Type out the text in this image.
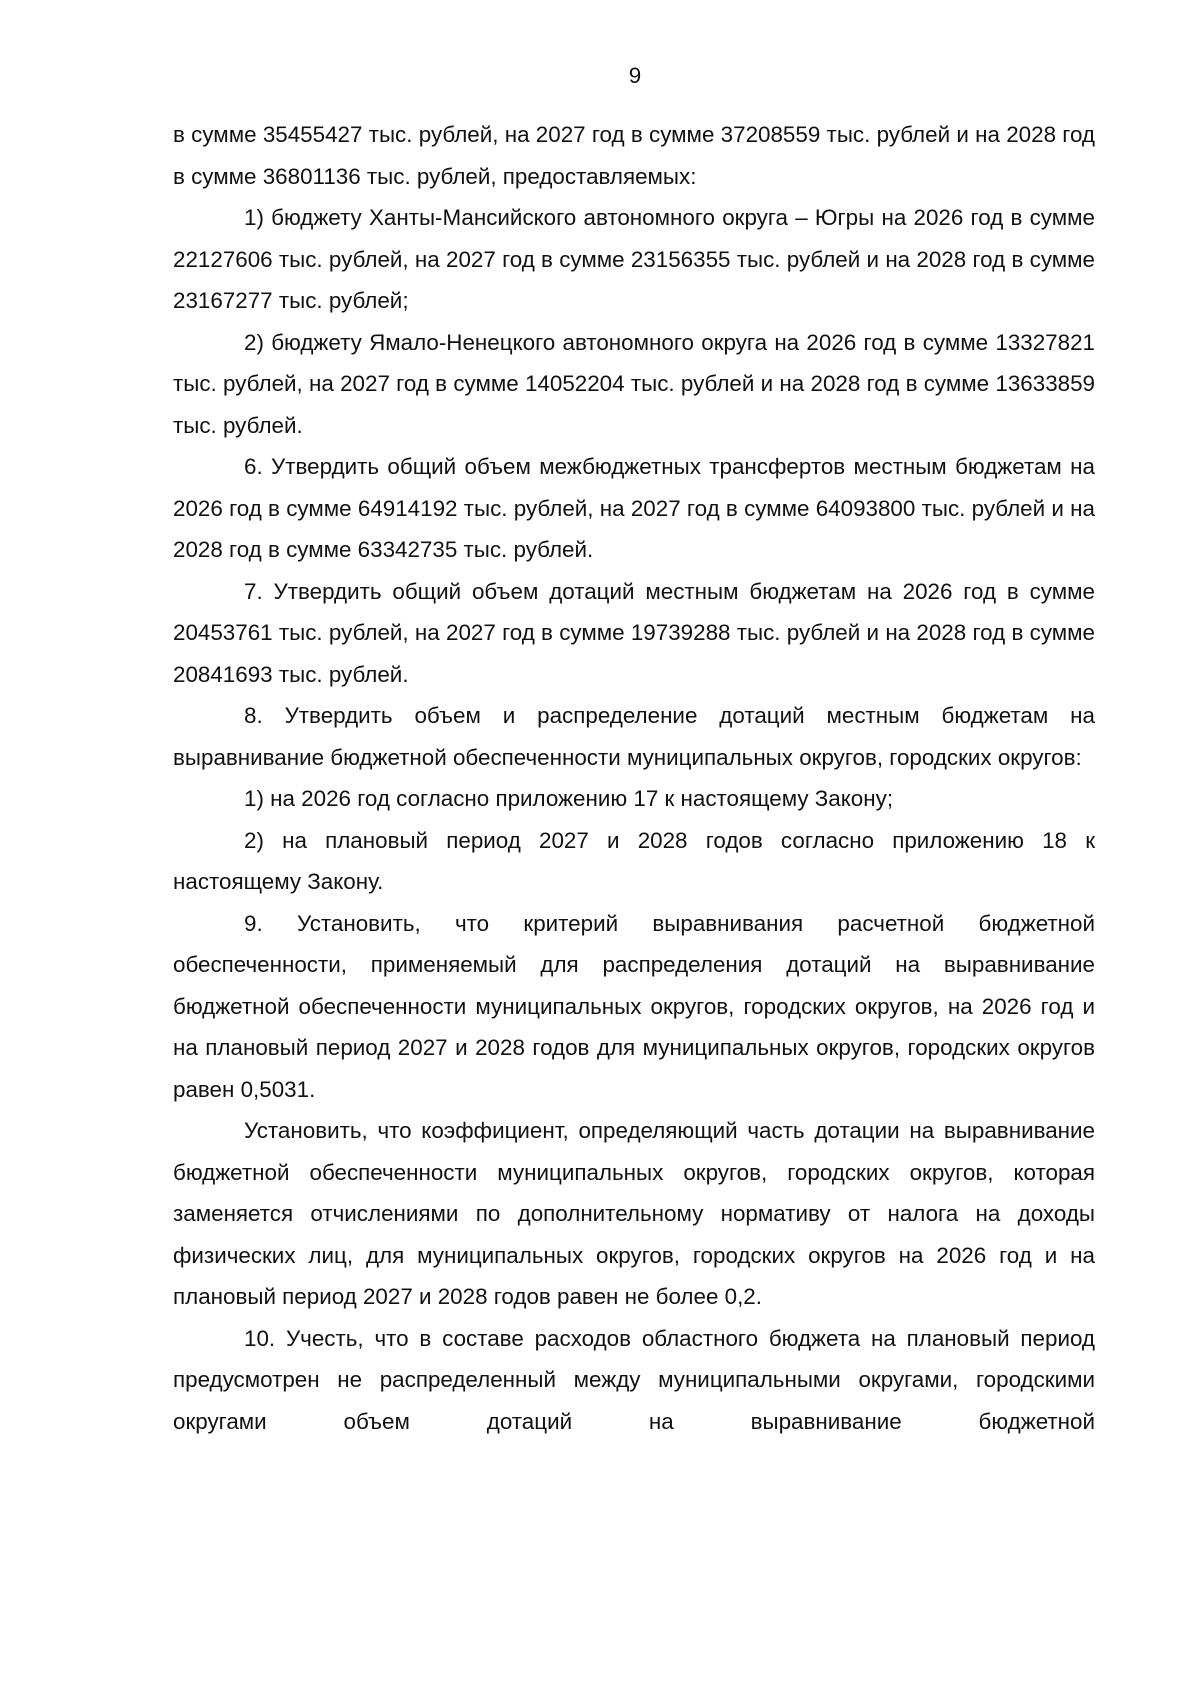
9

в сумме 35455427 тыс. рублей, на 2027 год в сумме 37208559 тыс. рублей и на 2028 год в сумме 36801136 тыс. рублей, предоставляемых:

1) бюджету Ханты-Мансийского автономного округа – Югры на 2026 год в сумме 22127606 тыс. рублей, на 2027 год в сумме 23156355 тыс. рублей и на 2028 год в сумме 23167277 тыс. рублей;

2) бюджету Ямало-Ненецкого автономного округа на 2026 год в сумме 13327821 тыс. рублей, на 2027 год в сумме 14052204 тыс. рублей и на 2028 год в сумме 13633859 тыс. рублей.

6. Утвердить общий объем межбюджетных трансфертов местным бюджетам на 2026 год в сумме 64914192 тыс. рублей, на 2027 год в сумме 64093800 тыс. рублей и на 2028 год в сумме 63342735 тыс. рублей.

7. Утвердить общий объем дотаций местным бюджетам на 2026 год в сумме 20453761 тыс. рублей, на 2027 год в сумме 19739288 тыс. рублей и на 2028 год в сумме 20841693 тыс. рублей.

8. Утвердить объем и распределение дотаций местным бюджетам на выравнивание бюджетной обеспеченности муниципальных округов, городских округов:

1) на 2026 год согласно приложению 17 к настоящему Закону;

2) на плановый период 2027 и 2028 годов согласно приложению 18 к настоящему Закону.

9. Установить, что критерий выравнивания расчетной бюджетной обеспеченности, применяемый для распределения дотаций на выравнивание бюджетной обеспеченности муниципальных округов, городских округов, на 2026 год и на плановый период 2027 и 2028 годов для муниципальных округов, городских округов равен 0,5031.

Установить, что коэффициент, определяющий часть дотации на выравнивание бюджетной обеспеченности муниципальных округов, городских округов, которая заменяется отчислениями по дополнительному нормативу от налога на доходы физических лиц, для муниципальных округов, городских округов на 2026 год и на плановый период 2027 и 2028 годов равен не более 0,2.

10. Учесть, что в составе расходов областного бюджета на плановый период предусмотрен не распределенный между муниципальными округами, городскими округами объем дотаций на выравнивание бюджетной
